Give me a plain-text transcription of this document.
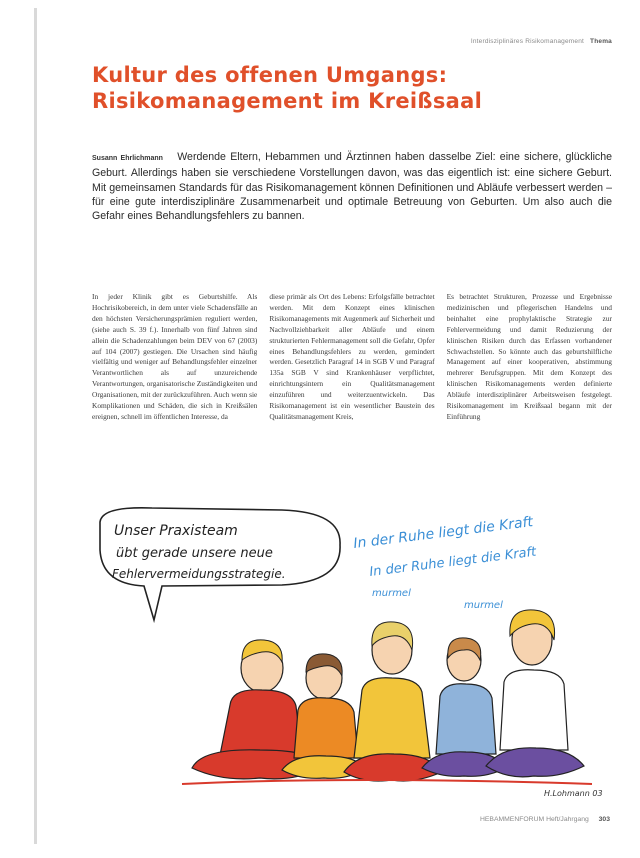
Interdisziplinäres Risikomanagement Thema
Kultur des offenen Umgangs:
Risikomanagement im Kreißsaal
Susann Ehrlichmann Werdende Eltern, Hebammen und Ärztinnen haben dasselbe Ziel: eine sichere, glückliche Geburt. Allerdings haben sie verschiedene Vorstellungen davon, was das eigentlich ist: eine sichere Geburt. Mit gemeinsamen Standards für das Risikomanagement können Definitionen und Abläufe verbessert werden – für eine gute interdisziplinäre Zusammenarbeit und optimale Betreuung von Geburten. Um also auch die Gefahr eines Behandlungsfehlers zu bannen.

In jeder Klinik gibt es Geburtshilfe. Als Hochrisikobereich, in dem unter viele Schadensfälle an den höchsten Versicherungsprämien reguliert werden, (siehe auch S. 39 f.). Innerhalb von fünf Jahren sind allein die Schadenzahlungen beim DEV von 67 (2003) auf 104 (2007) gestiegen. Die Ursachen sind häufig vielfältig und weniger auf Behandlungsfehler einzelner Verantwortlichen als auf unzureichende Verantwortungen, organisatorische Zuständigkeiten und Organisationen, mit der zurückzuführen. Auch wenn sie Komplikationen und Schäden, die sich in Kreißsälen ereignen, schnell im öffentlichen Interesse, da

diese primär als Ort des Lebens: Erfolgsfälle betrachtet werden. Mit dem Konzept eines klinischen Risikomanagements mit Augenmerk auf Sicherheit und Nachvollziehbarkeit aller Abläufe und einem strukturierten Fehlermanagement soll die Gefahr, Opfer eines Behandlungsfehlers zu werden, gemindert werden. Gesetzlich Paragraf 14 in SGB V und Paragraf 135a SGB V sind Krankenhäuser verpflichtet, einrichtungsintern ein Qualitätsmanagement einzuführen und weiterzuentwickeln. Das Risikomanagement ist ein wesentlicher Baustein des Qualitätsmanagement Kreis,

Es betrachtet Strukturen, Prozesse und Ergebnisse medizinischen und pflegerischen Handelns und beinhaltet eine prophylaktische Strategie zur Fehlervermeidung und damit Reduzierung der klinischen Risiken durch das Erfassen vorhandener Schwachstellen. So könnte auch das geburtshilfliche Management auf einer kooperativen, abstimmung mehrerer Berufsgruppen. Mit dem Konzept des klinischen Risikomanagements werden definierte Abläufe interdisziplinärer Arbeitsweisen festgelegt. Risikomanagement im Kreißsaal begann mit der Einführung

Unser Praxisteam
übt gerade unsere neue
Fehlervermeidungsstrategie.
In der Ruhe liegt die Kraft
In der Ruhe liegt die Kraft
murmel
murmel
H.Lohmann 03
HEBAMMENFORUM Heft/Jahrgang 303
